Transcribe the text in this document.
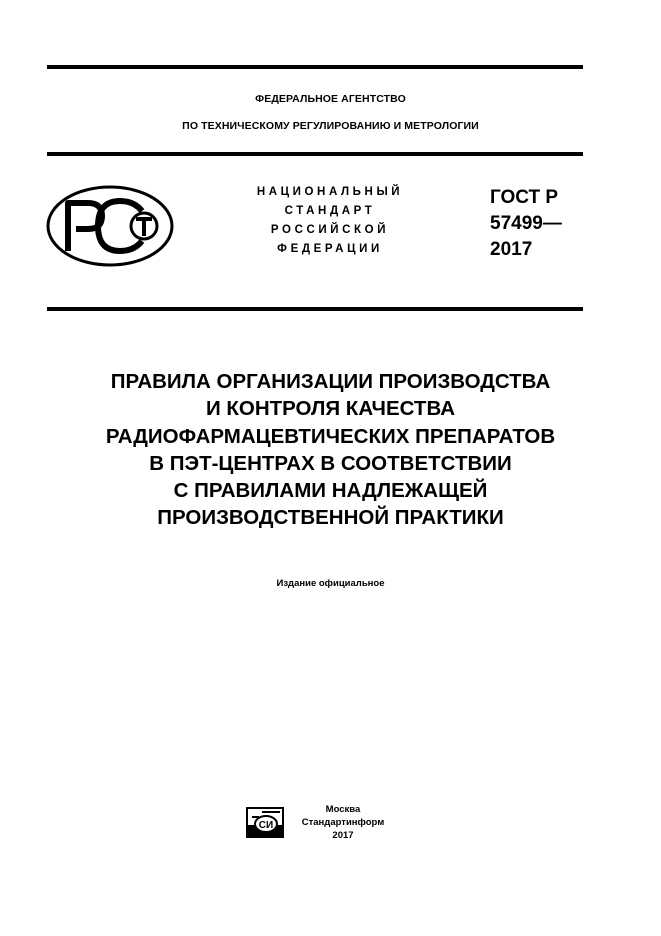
ФЕДЕРАЛЬНОЕ АГЕНТСТВО
ПО ТЕХНИЧЕСКОМУ РЕГУЛИРОВАНИЮ И МЕТРОЛОГИИ
НАЦИОНАЛЬНЫЙ
СТАНДАРТ
РОССИЙСКОЙ
ФЕДЕРАЦИИ
ГОСТ Р
57499—
2017
ПРАВИЛА ОРГАНИЗАЦИИ ПРОИЗВОДСТВА
И КОНТРОЛЯ КАЧЕСТВА
РАДИОФАРМАЦЕВТИЧЕСКИХ ПРЕПАРАТОВ
В ПЭТ-ЦЕНТРАХ В СООТВЕТСТВИИ
С ПРАВИЛАМИ НАДЛЕЖАЩЕЙ
ПРОИЗВОДСТВЕННОЙ ПРАКТИКИ
Издание официальное
СИ
Москва
Стандартинформ
2017
